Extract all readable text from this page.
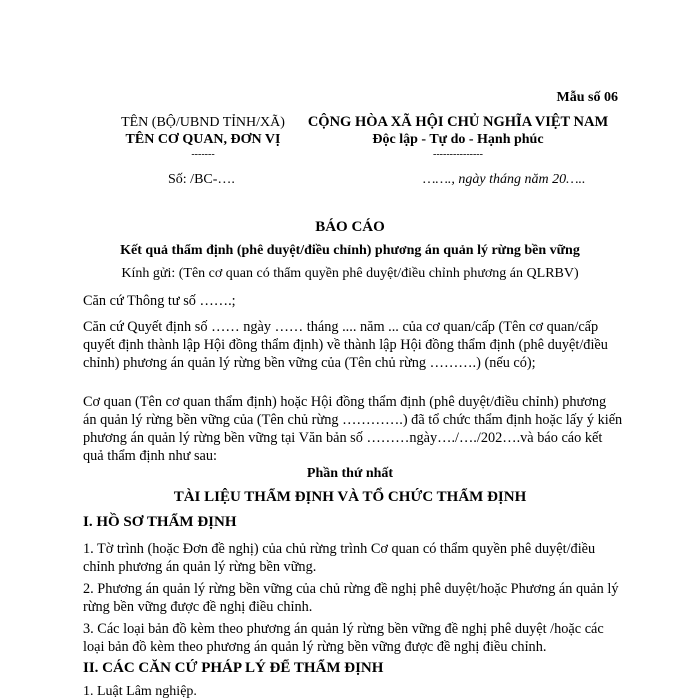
Mẫu số 06
TÊN (BỘ/UBND TỈNH/XÃ)
TÊN CƠ QUAN, ĐƠN VỊ
-------
CỘNG HÒA XÃ HỘI CHỦ NGHĨA VIỆT NAM
Độc lập - Tự do - Hạnh phúc
---------------
Số: /BC-….	……., ngày tháng năm 20…..
BÁO CÁO
Kết quả thẩm định (phê duyệt/điều chỉnh) phương án quản lý rừng bền vững
Kính gửi: (Tên cơ quan có thẩm quyền phê duyệt/điều chỉnh phương án QLRBV)
Căn cứ Thông tư số …….;
Căn cứ Quyết định số …… ngày …… tháng .... năm ... của cơ quan/cấp (Tên cơ quan/cấp quyết định thành lập Hội đồng thẩm định) về thành lập Hội đồng thẩm định (phê duyệt/điều chỉnh) phương án quản lý rừng bền vững của (Tên chủ rừng ……….) (nếu có);
Cơ quan (Tên cơ quan thẩm định) hoặc Hội đồng thẩm định (phê duyệt/điều chỉnh) phương án quản lý rừng bền vững của (Tên chủ rừng ………….) đã tổ chức thẩm định hoặc lấy ý kiến phương án quản lý rừng bền vững tại Văn bản số ………ngày…./…./202….và báo cáo kết quả thẩm định như sau:
Phần thứ nhất
TÀI LIỆU THẨM ĐỊNH VÀ TỔ CHỨC THẨM ĐỊNH
I. HỒ SƠ THẨM ĐỊNH
1. Tờ trình (hoặc Đơn đề nghị) của chủ rừng trình Cơ quan có thẩm quyền phê duyệt/điều chỉnh phương án quản lý rừng bền vững.
2. Phương án quản lý rừng bền vững của chủ rừng đề nghị phê duyệt/hoặc Phương án quản lý rừng bền vững được đề nghị điều chỉnh.
3. Các loại bản đồ kèm theo phương án quản lý rừng bền vững đề nghị phê duyệt /hoặc các loại bản đồ kèm theo phương án quản lý rừng bền vững được đề nghị điều chỉnh.
II. CÁC CĂN CỨ PHÁP LÝ ĐỂ THẨM ĐỊNH
1. Luật Lâm nghiệp.
